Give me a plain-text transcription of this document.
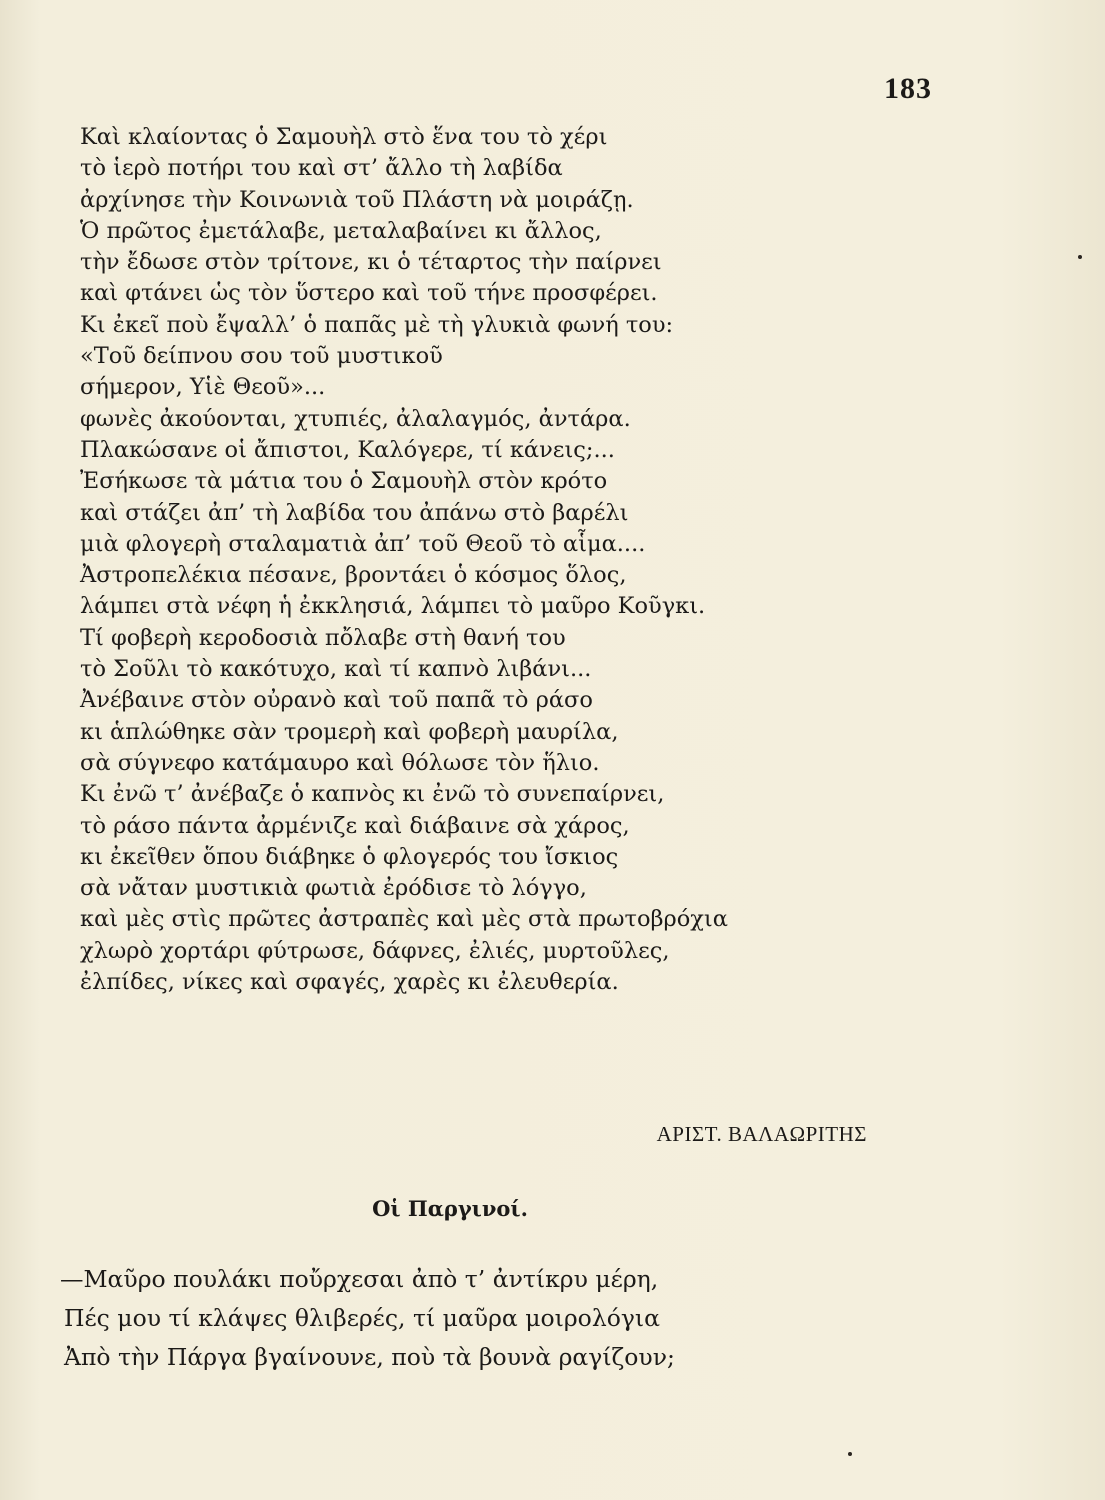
183
Καὶ κλαίοντας ὁ Σαμουὴλ στὸ ἕνα του τὸ χέρι
τὸ ἱερὸ ποτήρι του καὶ στ’ ἄλλο τὴ λαβίδα
ἀρχίνησε τὴν Κοινωνιὰ τοῦ Πλάστη νὰ μοιράζῃ.
Ὁ πρῶτος ἐμετάλαβε, μεταλαβαίνει κι ἄλλος,
τὴν ἔδωσε στὸν τρίτονε, κι ὁ τέταρτος τὴν παίρνει
καὶ φτάνει ὡς τὸν ὕστερο καὶ τοῦ τήνε προσφέρει.
Κι ἐκεῖ ποὺ ἔψαλλ’ ὁ παπᾶς μὲ τὴ γλυκιὰ φωνή του:
«Τοῦ δείπνου σου τοῦ μυστικοῦ
σήμερον, Υἱὲ Θεοῦ»...
φωνὲς ἀκούονται, χτυπιές, ἀλαλαγμός, ἀντάρα.
Πλακώσανε οἱ ἄπιστοι, Καλόγερε, τί κάνεις;...
Ἐσήκωσε τὰ μάτια του ὁ Σαμουὴλ στὸν κρότο
καὶ στάζει ἀπ’ τὴ λαβίδα του ἀπάνω στὸ βαρέλι
μιὰ φλογερὴ σταλαματιὰ ἀπ’ τοῦ Θεοῦ τὸ αἷμα....
Ἀστροπελέκια πέσανε, βροντάει ὁ κόσμος ὅλος,
λάμπει στὰ νέφη ἡ ἐκκλησιά, λάμπει τὸ μαῦρο Κοῦγκι.
Τί φοβερὴ κεροδοσιὰ πὄλαβε στὴ θανή του
τὸ Σοῦλι τὸ κακότυχο, καὶ τί καπνὸ λιβάνι...
Ἀνέβαινε στὸν οὐρανὸ καὶ τοῦ παπᾶ τὸ ράσο
κι ἁπλώθηκε σὰν τρομερὴ καὶ φοβερὴ μαυρίλα,
σὰ σύγνεφο κατάμαυρο καὶ θόλωσε τὸν ἥλιο.
Κι ἐνῶ τ’ ἀνέβαζε ὁ καπνὸς κι ἐνῶ τὸ συνεπαίρνει,
τὸ ράσο πάντα ἀρμένιζε καὶ διάβαινε σὰ χάρος,
κι ἐκεῖθεν ὅπου διάβηκε ὁ φλογερός του ἴσκιος
σὰ νἄταν μυστικιὰ φωτιὰ ἐρόδισε τὸ λόγγο,
καὶ μὲς στὶς πρῶτες ἀστραπὲς καὶ μὲς στὰ πρωτοβρόχια
χλωρὸ χορτάρι φύτρωσε, δάφνες, ἐλιές, μυρτοῦλες,
ἐλπίδες, νίκες καὶ σφαγές, χαρὲς κι ἐλευθερία.
ΑΡΙΣΤ. ΒΑΛΑΩΡΙΤΗΣ
Οἱ Παργινοί.
—Μαῦρο πουλάκι ποὔρχεσαι ἀπὸ τ’ ἀντίκρυ μέρη,
Πές μου τί κλάψες θλιβερές, τί μαῦρα μοιρολόγια
Ἀπὸ τὴν Πάργα βγαίνουνε, ποὺ τὰ βουνὰ ραγίζουν;
